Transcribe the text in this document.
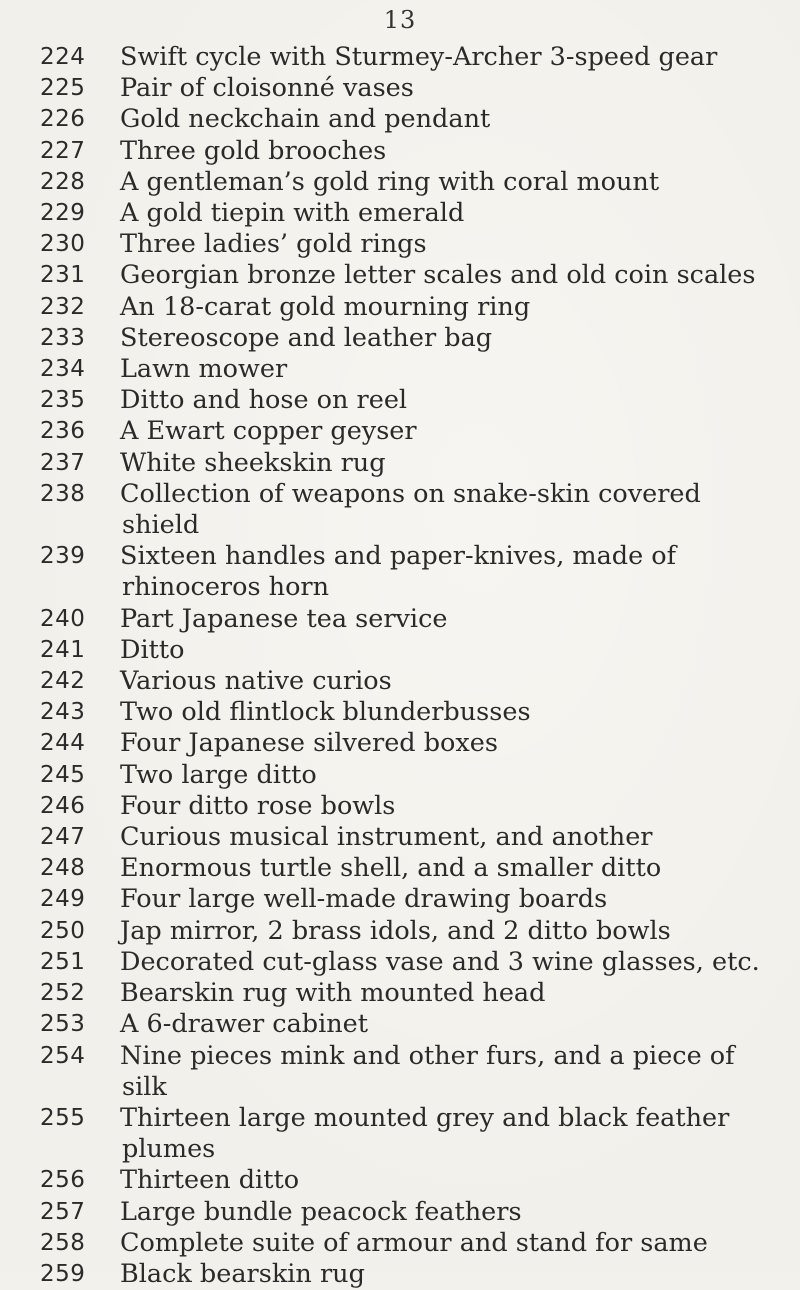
13
224	Swift cycle with Sturmey-Archer 3-speed gear
225	Pair of cloisonné vases
226	Gold neckchain and pendant
227	Three gold brooches
228	A gentleman’s gold ring with coral mount
229	A gold tiepin with emerald
230	Three ladies’ gold rings
231	Georgian bronze letter scales and old coin scales
232	An 18-carat gold mourning ring
233	Stereoscope and leather bag
234	Lawn mower
235	Ditto and hose on reel
236	A Ewart copper geyser
237	White sheekskin rug
238	Collection of weapons on snake-skin covered
shield
239	Sixteen handles and paper-knives, made of
rhinoceros horn
240	Part Japanese tea service
241	Ditto
242	Various native curios
243	Two old flintlock blunderbusses
244	Four Japanese silvered boxes
245	Two large ditto
246	Four ditto rose bowls
247	Curious musical instrument, and another
248	Enormous turtle shell, and a smaller ditto
249	Four large well-made drawing boards
250	Jap mirror, 2 brass idols, and 2 ditto bowls
251	Decorated cut-glass vase and 3 wine glasses, etc.
252	Bearskin rug with mounted head
253	A 6-drawer cabinet
254	Nine pieces mink and other furs, and a piece of
silk
255	Thirteen large mounted grey and black feather
plumes
256	Thirteen ditto
257	Large bundle peacock feathers
258	Complete suite of armour and stand for same
259	Black bearskin rug
